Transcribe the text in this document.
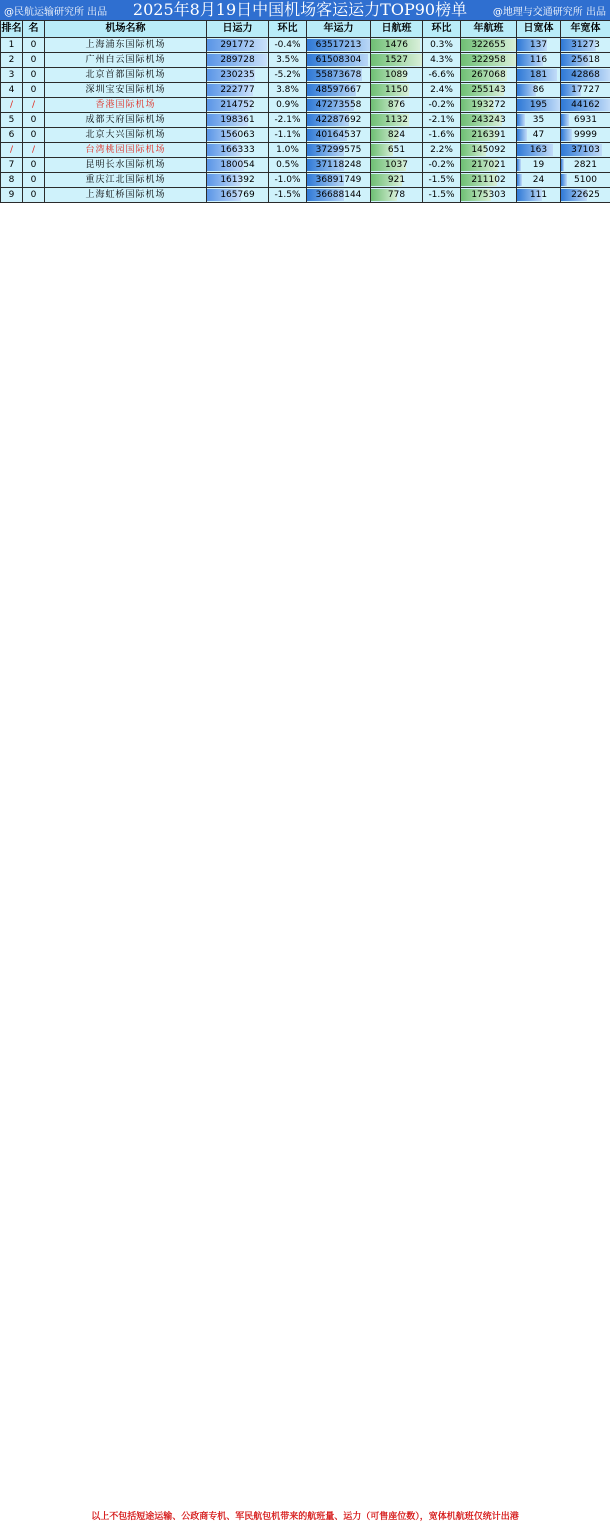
@民航运输研究所 出品 2025年8月19日中国机场客运运力TOP90榜单	@地理与交通研究所 出品
排名	名	机场名称	日运力	环比	年运力	日航班	环比	年航班	日宽体	年宽体
1	0	上海浦东国际机场	291772	-0.4%	63517213	1476	0.3%	322655	137	31273

2	0	广州白云国际机场	289728	3.5%	61508304	1527	4.3%	322958	116	25618

3	0	北京首都国际机场	230235	-5.2%	55873678	1089	-6.6%	267068	181	42868

4	0	深圳宝安国际机场	222777	3.8%	48597667	1150	2.4%	255143	86	17727

/	/	香港国际机场	214752	0.9%	47273558	876	-0.2%	193272	195	44162

5	0	成都天府国际机场	198361	-2.1%	42287692	1132	-2.1%	243243	35	6931

6	0	北京大兴国际机场	156063	-1.1%	40164537	824	-1.6%	216391	47	9999

/	/	台湾桃园国际机场	166333	1.0%	37299575	651	2.2%	145092	163	37103

7	0	昆明长水国际机场	180054	0.5%	37118248	1037	-0.2%	217021	19	2821

8	0	重庆江北国际机场	161392	-1.0%	36891749	921	-1.5%	211102	24	5100

9	0	上海虹桥国际机场	165769	-1.5%	36688144	778	-1.5%	175303	111	22625
以上不包括短途运输、公政商专机、军民航包机带来的航班量、运力（可售座位数），宽体机航班仅统计出港
